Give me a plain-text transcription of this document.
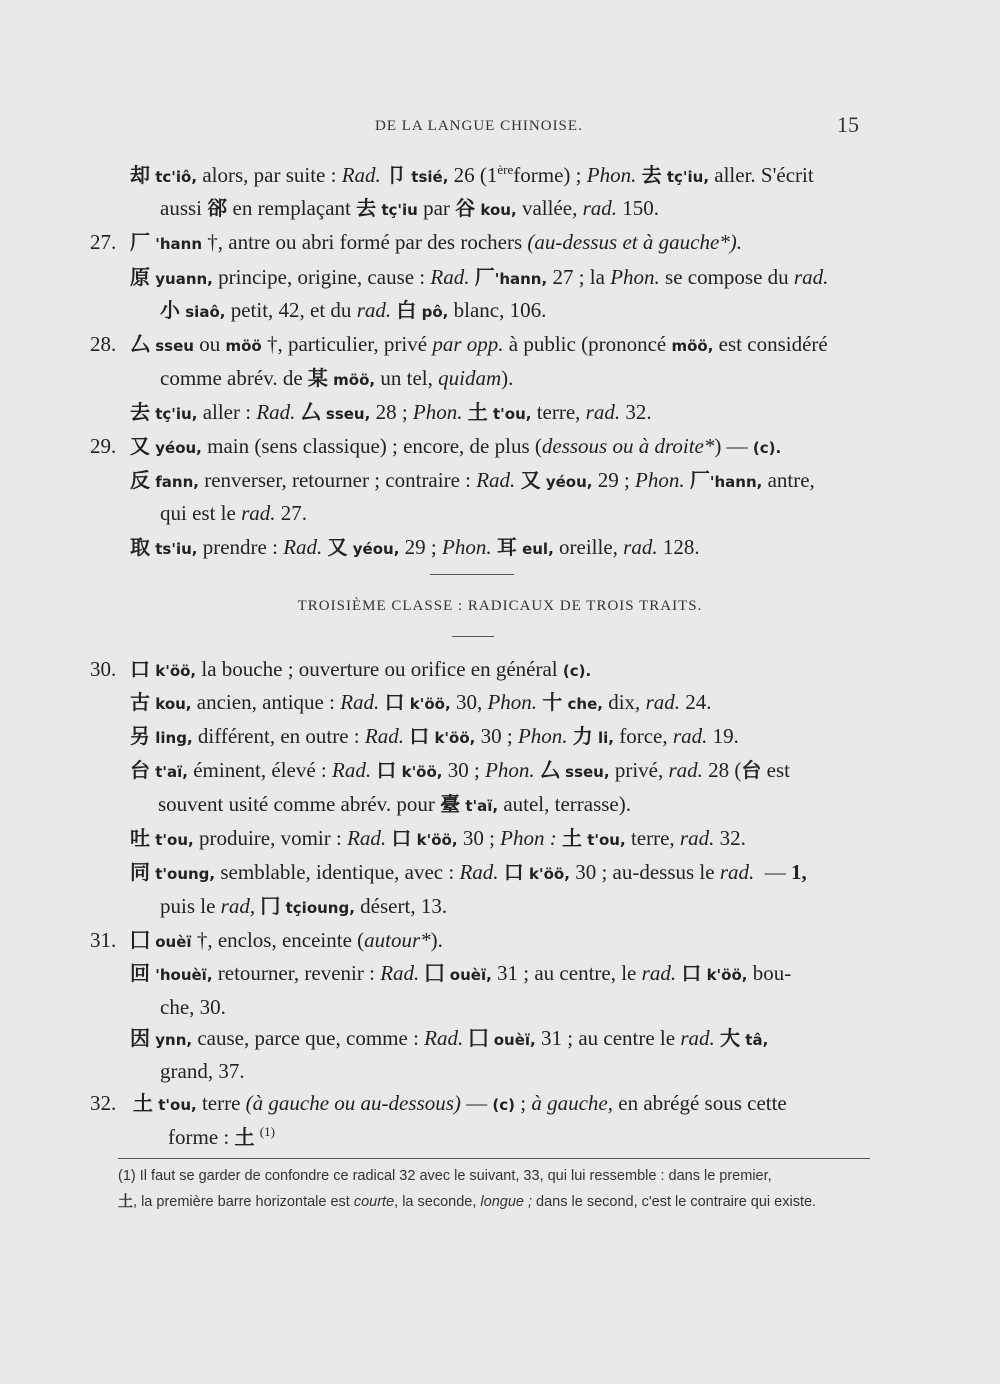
DE LA LANGUE CHINOISE.	15
却 tc'iô, alors, par suite : Rad. 卩 tsié, 26 (1èreforme) ; Phon. 去 tç'iu, aller. S'écrit
aussi 郤 en remplaçant 去 tç'iu par 谷 kou, vallée, rad. 150.
27. 厂 'hann †, antre ou abri formé par des rochers (au-dessus et à gauche*).
原 yuann, principe, origine, cause : Rad. 厂'hann, 27 ; la Phon. se compose du rad.
小 siaô, petit, 42, et du rad. 白 pô, blanc, 106.
28. 厶 sseu ou möö †, particulier, privé par opp. à public (prononcé möö, est considéré
comme abrév. de 某 möö, un tel, quidam).
去 tç'iu, aller : Rad. 厶 sseu, 28 ; Phon. 土 t'ou, terre, rad. 32.
29. 又 yéou, main (sens classique) ; encore, de plus (dessous ou à droite*) — (c).
反 fann, renverser, retourner ; contraire : Rad. 又 yéou, 29 ; Phon. 厂'hann, antre,
qui est le rad. 27.
取 ts'iu, prendre : Rad. 又 yéou, 29 ; Phon. 耳 eul, oreille, rad. 128.
TROISIÈME CLASSE : RADICAUX DE TROIS TRAITS.
30. 口 k'öö, la bouche ; ouverture ou orifice en général (c).
古 kou, ancien, antique : Rad. 口 k'öö, 30, Phon. 十 che, dix, rad. 24.
另 ling, différent, en outre : Rad. 口 k'öö, 30 ; Phon. 力 li, force, rad. 19.
台 t'aï, éminent, élevé : Rad. 口 k'öö, 30 ; Phon. 厶 sseu, privé, rad. 28 (台 est
souvent usité comme abrév. pour 臺 t'aï, autel, terrasse).
吐 t'ou, produire, vomir : Rad. 口 k'öö, 30 ; Phon : 土 t'ou, terre, rad. 32.
同 t'oung, semblable, identique, avec : Rad. 口 k'öö, 30 ; au-dessus le rad.  — 1,
puis le rad, 冂 tçioung, désert, 13.
31. 囗 ouèï †, enclos, enceinte (autour*).
回 'houèï, retourner, revenir : Rad. 囗 ouèï, 31 ; au centre, le rad. 口 k'öö, bou-
che, 30.
因 ynn, cause, parce que, comme : Rad. 囗 ouèï, 31 ; au centre le rad. 大 tâ,
grand, 37.
32. 土 t'ou, terre (à gauche ou au-dessous) — (c) ; à gauche, en abrégé sous cette
forme : 土 $^{(1)}$
(1) Il faut se garder de confondre ce radical 32 avec le suivant, 33, qui lui ressemble : dans le premier,
土, la première barre horizontale est courte, la seconde, longue ; dans le second, c'est le contraire qui existe.
